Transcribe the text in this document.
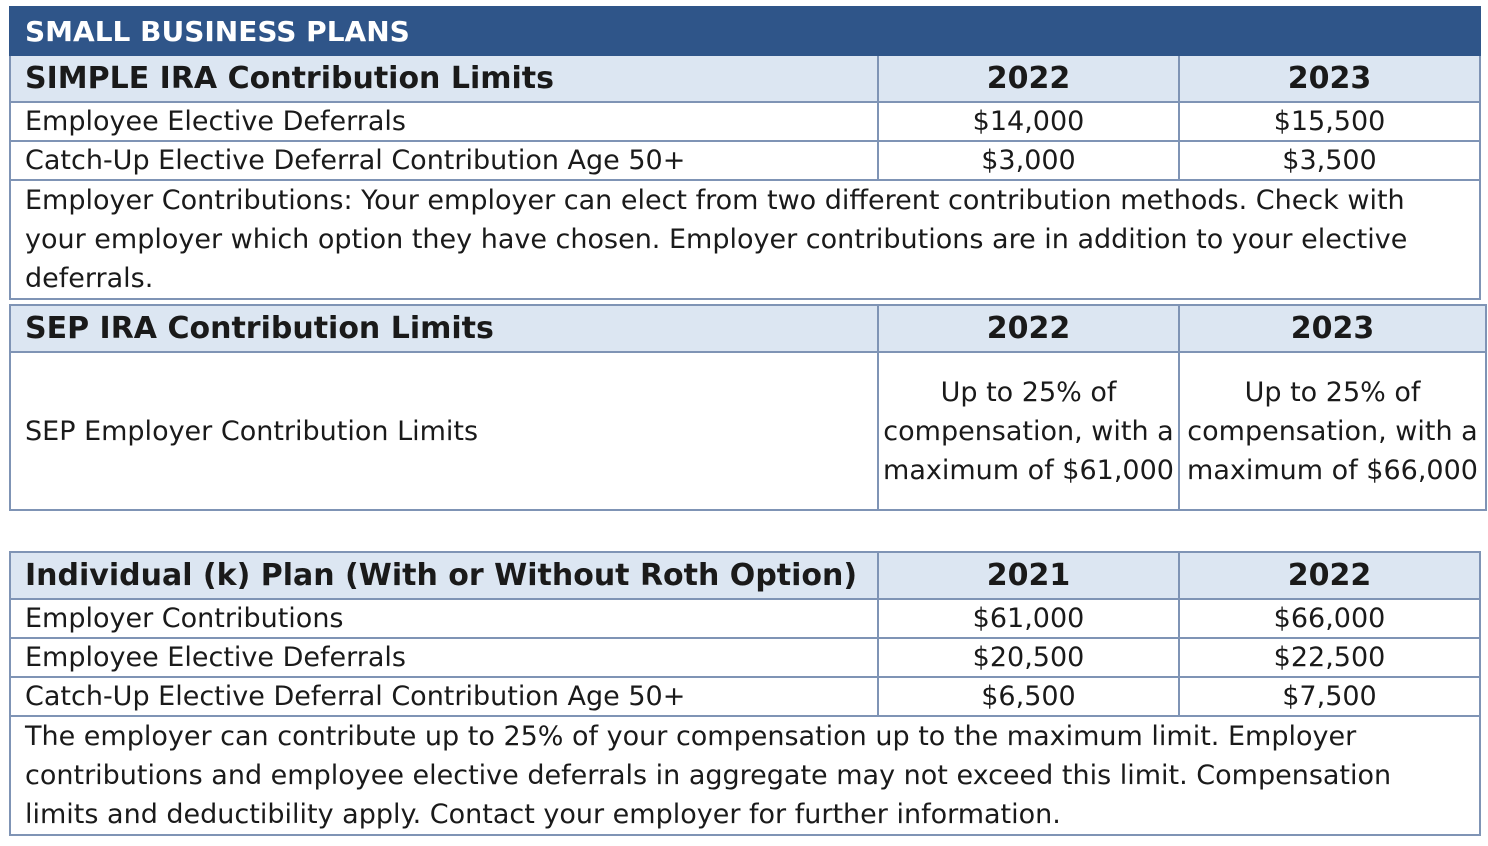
SMALL BUSINESS PLANS		
SIMPLE IRA Contribution Limits	2022	2023
Employee Elective Deferrals	$14,000	$15,500
Catch-Up Elective Deferral Contribution Age 50+	$3,000	$3,500
Employer Contributions: Your employer can elect from two different contribution methods. Check with your employer which option they have chosen. Employer contributions are in addition to your elective deferrals.		
SEP IRA Contribution Limits	2022	2023
SEP Employer Contribution Limits	Up to 25% of compensation, with a maximum of $61,000	Up to 25% of compensation, with a maximum of $66,000
Individual (k) Plan (With or Without Roth Option)	2021	2022
Employer Contributions	$61,000	$66,000
Employee Elective Deferrals	$20,500	$22,500
Catch-Up Elective Deferral Contribution Age 50+	$6,500	$7,500
The employer can contribute up to 25% of your compensation up to the maximum limit. Employer contributions and employee elective deferrals in aggregate may not exceed this limit. Compensation limits and deductibility apply. Contact your employer for further information.		
